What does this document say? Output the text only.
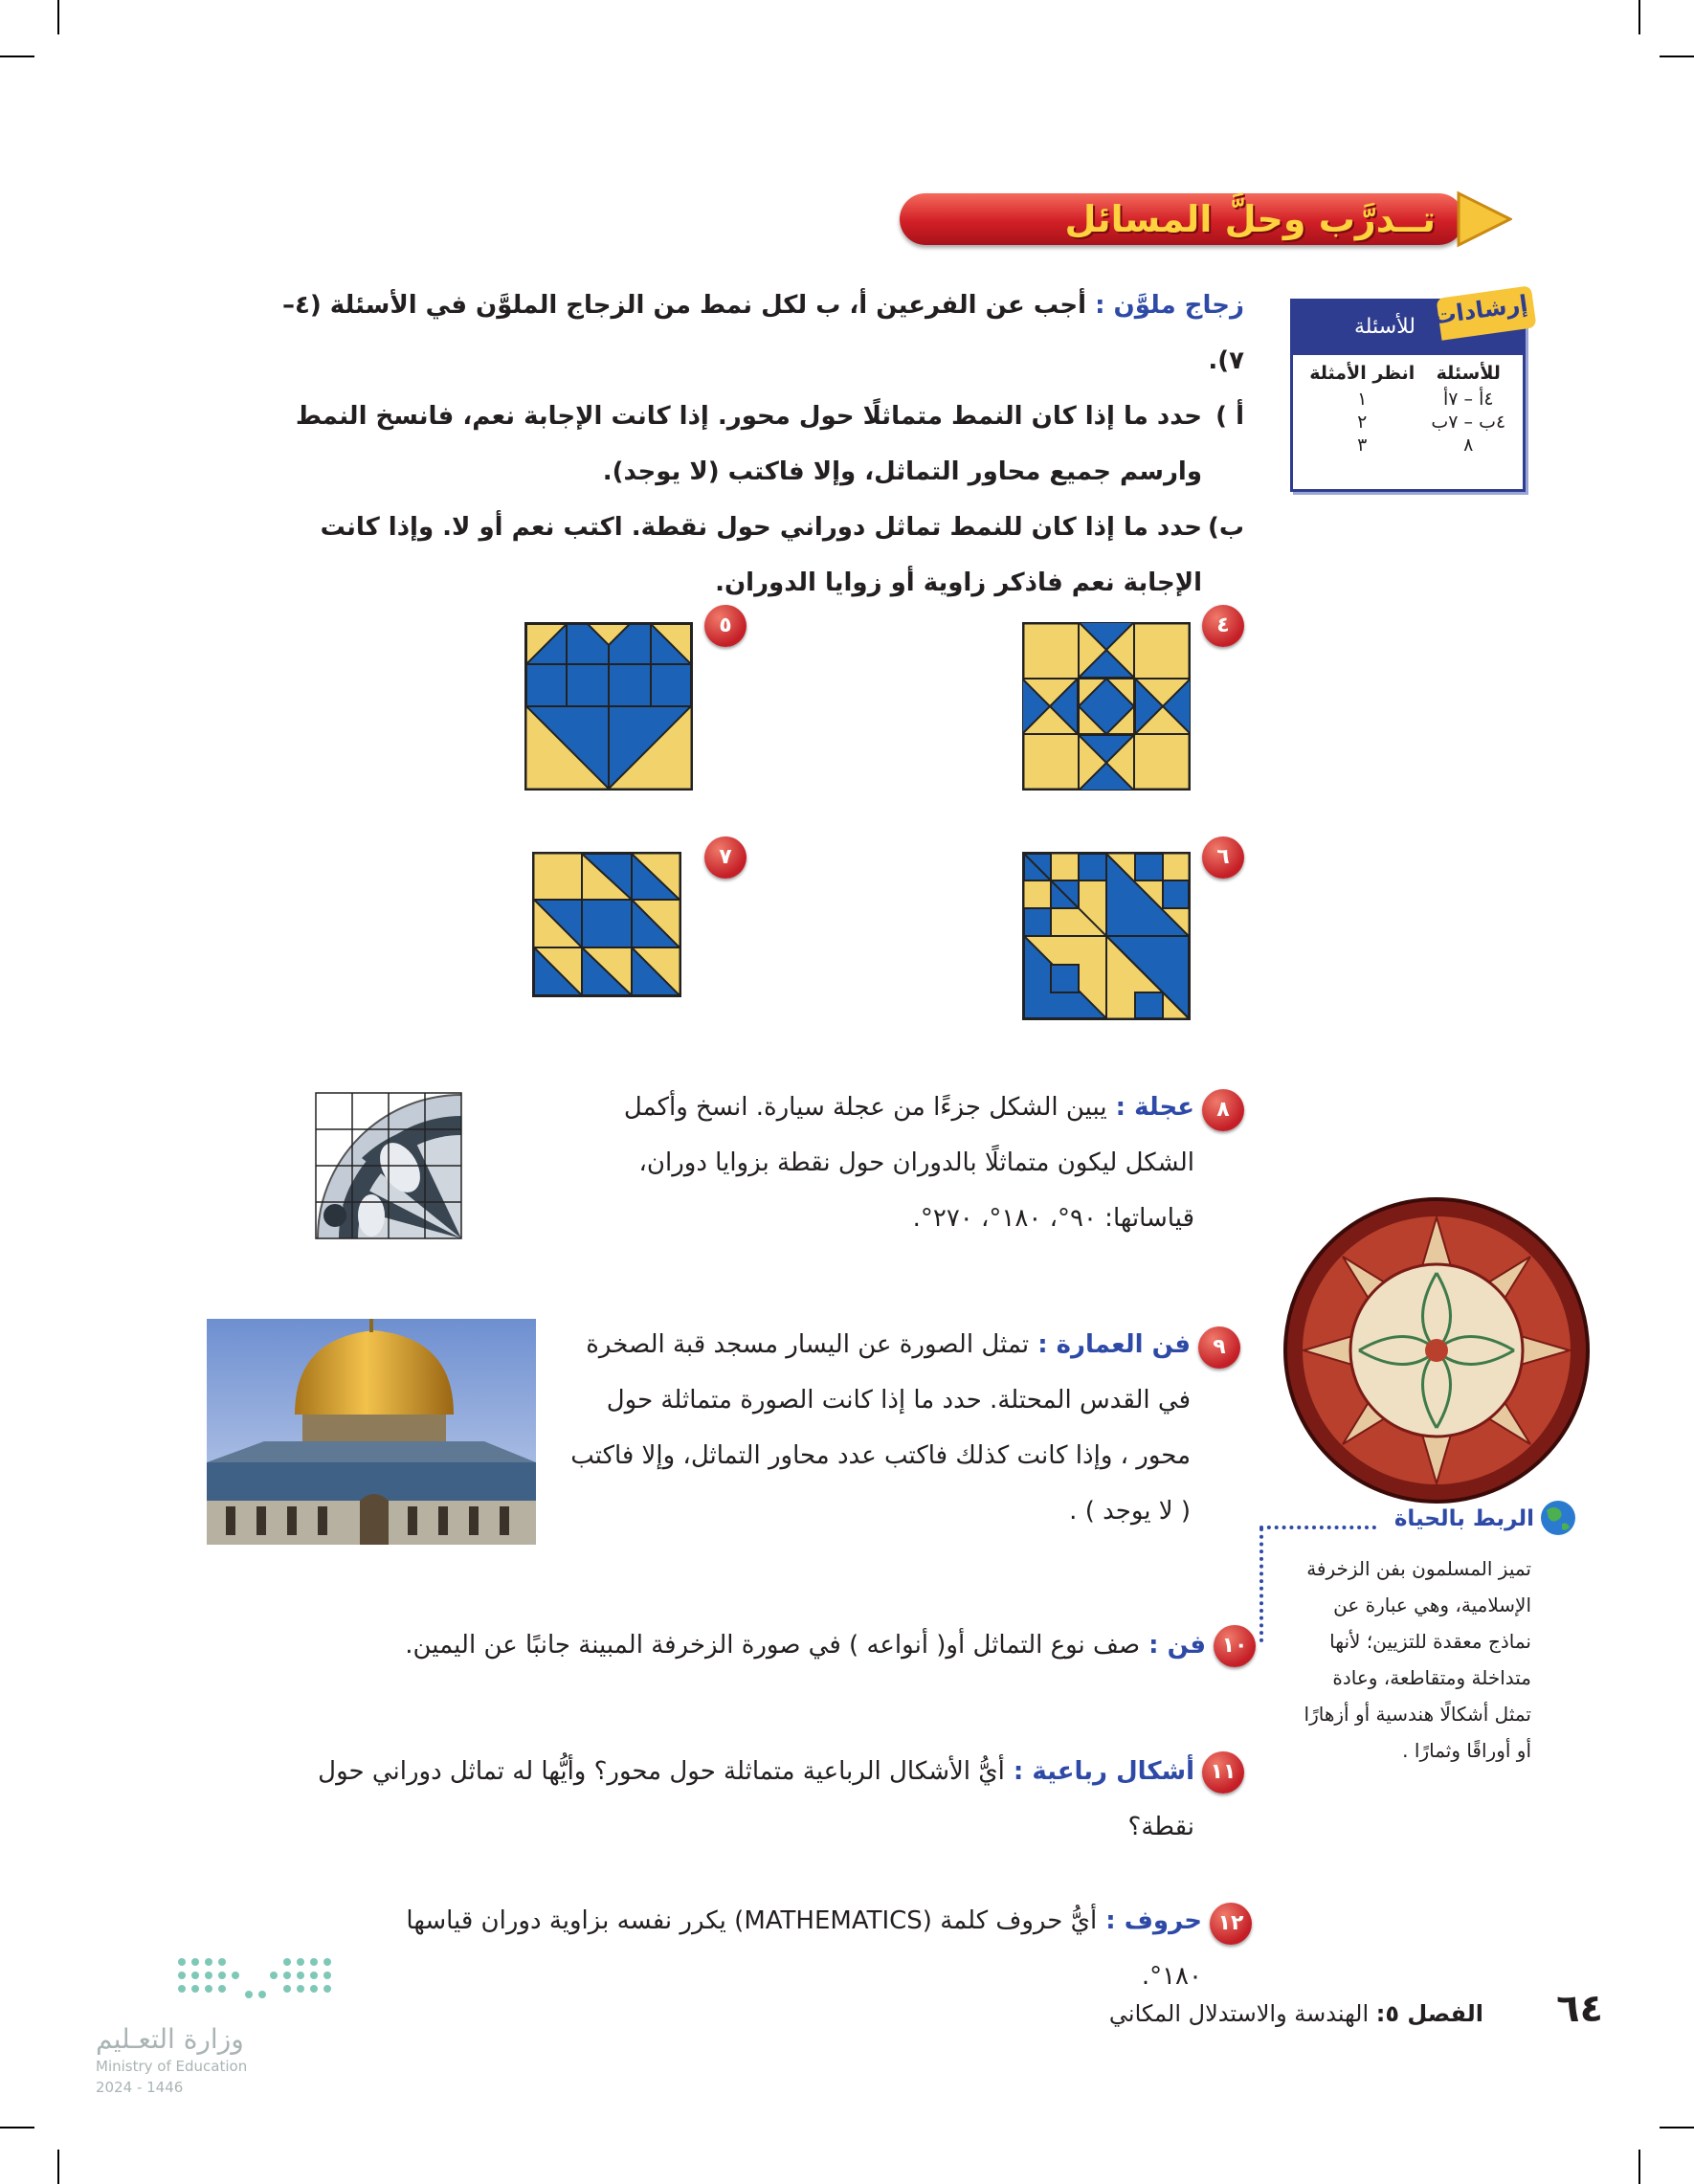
تــدرَّب وحلَّ المسائل
إرشادات
للأسئلة
للأسئلة	انظر الأمثلة
٤أ – ٧أ	١
٤ب – ٧ب	٢
٨	٣
زجاج ملوَّن : أجب عن الفرعين أ، ب لكل نمط من الزجاج الملوَّن في الأسئلة (٤–٧).
أ )
حدد ما إذا كان النمط متماثلًا حول محور. إذا كانت الإجابة نعم، فانسخ النمط وارسم جميع محاور التماثل، وإلا فاكتب (لا يوجد).
ب)
حدد ما إذا كان للنمط تماثل دوراني حول نقطة. اكتب نعم أو لا. وإذا كانت الإجابة نعم فاذكر زاوية أو زوايا الدوران.
٤
٥
٦
٧
٨
عجلة : يبين الشكل جزءًا من عجلة سيارة. انسخ وأكمل الشكل ليكون متماثلًا بالدوران حول نقطة بزوايا دوران، قياساتها: ٩٠°، ١٨٠°، ٢٧٠°.
٩
فن العمارة : تمثل الصورة عن اليسار مسجد قبة الصخرة في القدس المحتلة. حدد ما إذا كانت الصورة متماثلة حول محور ، وإذا كانت كذلك فاكتب عدد محاور التماثل، وإلا فاكتب ( لا يوجد ) .
١٠
فن : صف نوع التماثل أو( أنواعه ) في صورة الزخرفة المبينة جانبًا عن اليمين.
١١
أشكال رباعية : أيُّ الأشكال الرباعية متماثلة حول محور؟ وأيُّها له تماثل دوراني حول نقطة؟
١٢
حروف : أيُّ حروف كلمة (MATHEMATICS) يكرر نفسه بزاوية دوران قياسها ١٨٠°.
الربط بالحياة
تميز المسلمون بفن الزخرفة الإسلامية، وهي عبارة عن نماذج معقدة للتزيين؛ لأنها متداخلة ومتقاطعة، وعادة تمثل أشكالًا هندسية أو أزهارًا أو أوراقًا وثمارًا .
٦٤
الفصل ٥: الهندسة والاستدلال المكاني
وزارة التعـليم
Ministry of Education
2024 - 1446
